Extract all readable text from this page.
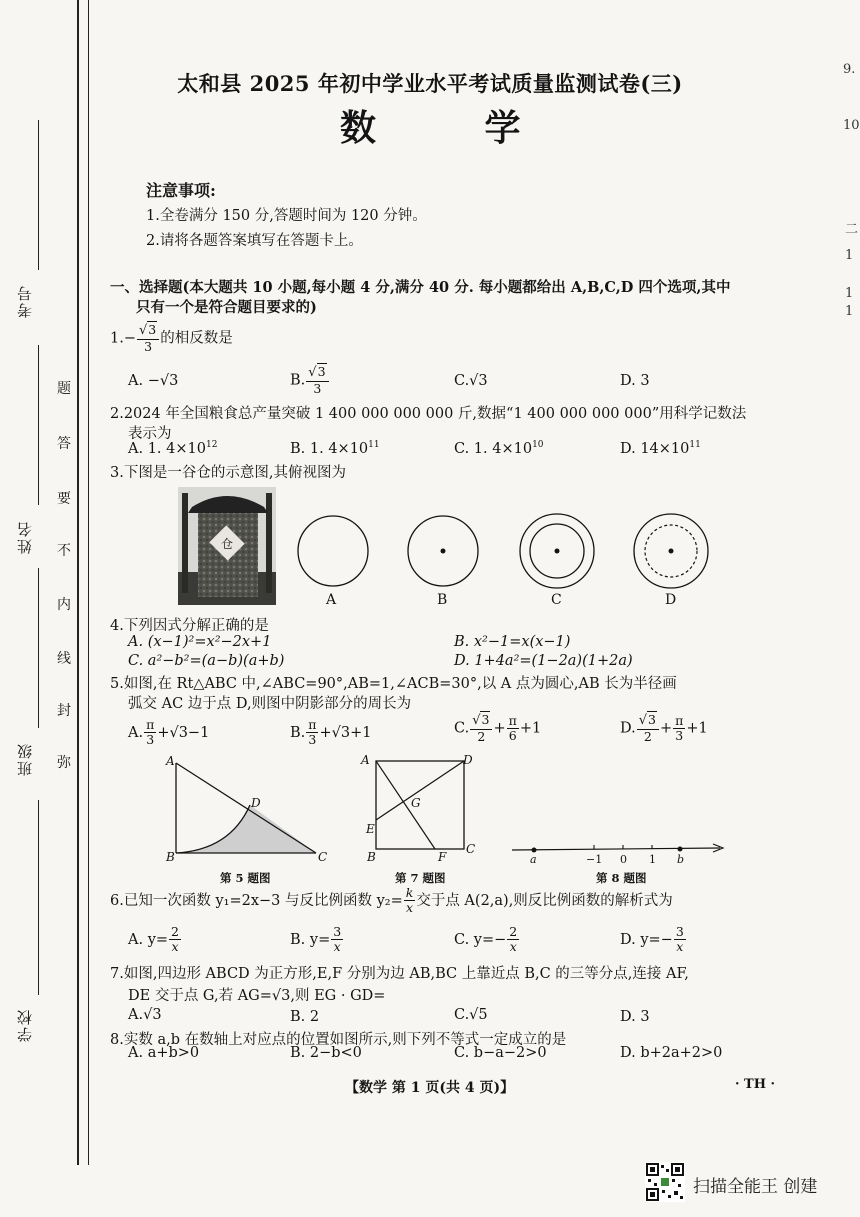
考号
姓名
班级
学校
题
答
要
不
内
线
封
弥
9.
10
二
1
1
1
太和县 2025 年初中学业水平考试质量监测试卷(三)
数 学
注意事项:
1.全卷满分 150 分,答题时间为 120 分钟。
2.请将各题答案填写在答题卡上。
一、选择题(本大题共 10 小题,每小题 4 分,满分 40 分. 每小题都给出 A,B,C,D 四个选项,其中
只有一个是符合题目要求的)
$1.- \frac{√3}{3}$ 的相反数是
A. −√3	B. $\frac{√3}{3}$	C.√3	D. 3
2.2024 年全国粮食总产量突破 1 400 000 000 000 斤,数据“1 400 000 000 000”用科学记数法
表示为
A. 1. $4\times 10^{12}$	B. 1. $4\times 10^{11}$	C. 1. $4\times 10^{10}$	D. $14\times 10^{11}$
3.下图是一谷仓的示意图,其俯视图为
仓
A	B	C	D
4.下列因式分解正确的是
A. (x−1)²=x²−2x+1	B. x²−1=x(x−1)
C. a²−b²=(a−b)(a+b)	D. 1+4a²=(1−2a)(1+2a)
5.如图,在 Rt△ABC 中,∠ABC=90°,AB=1,∠ACB=30°,以 A 点为圆心,AB 长为半径画
弧交 AC 边于点 D,则图中阴影部分的周长为
A. $\frac{\pi}{3} +√3-1$	B. $\frac{\pi}{3} +√3+1$	C. $\frac{√3}{2} + \frac{\pi}{6} +1$	D. $\frac{√3}{2} + \frac{\pi}{3} +1$
A
D
B	C
第 5 题图
A	D
G
E
B	F
C
第 7 题图
a	−1 0 1 b
第 8 题图
6.已知一次函数 y₁=2x−3 与反比例函数 $y_2= \frac{k}{x}$ 交于点 A(2,a),则反比例函数的解析式为
A. $y= \frac{2}{x}$	B. $y= \frac{3}{x}$	C. $y=- \frac{2}{x}$	D. $y=- \frac{3}{x}$
7.如图,四边形 ABCD 为正方形,E,F 分别为边 AB,BC 上靠近点 B,C 的三等分点,连接 AF,
DE 交于点 G,若 AG=√3,则 EG · GD=
A.√3	B. 2	C.√5	D. 3
8.实数 a,b 在数轴上对应点的位置如图所示,则下列不等式一定成立的是
A. a+b>0	B. 2−b<0	C. b−a−2>0	D. b+2a+2>0
【数学 第 1 页(共 4 页)】	· TH ·
扫描全能王 创建
